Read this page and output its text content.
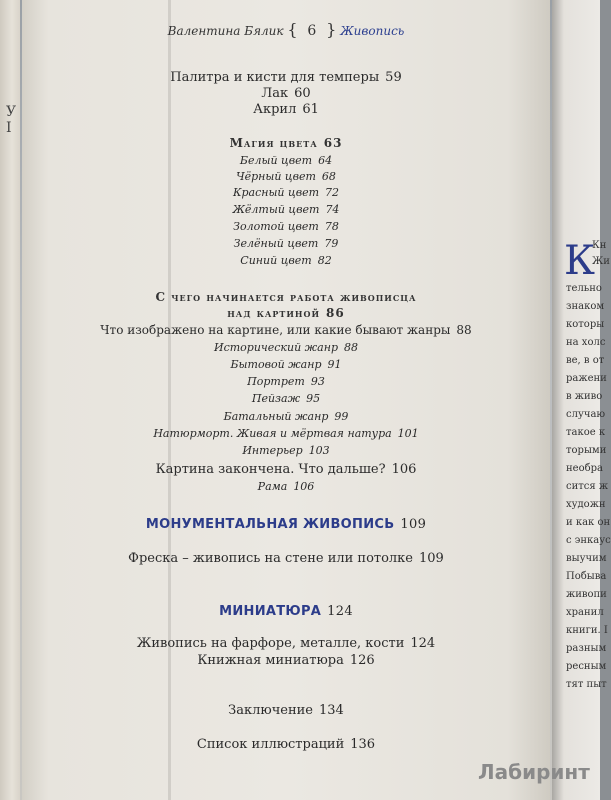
У
I
Валентина Бялик { 6 } Живопись
Палитра и кисти для темперы 59
Лак 60
Акрил 61
Магия цвета 63
Белый цвет 64
Чёрный цвет 68
Красный цвет 72
Жёлтый цвет 74
Золотой цвет 78
Зелёный цвет 79
Синий цвет 82
С чего начинается работа живописца
над картиной 86
Что изображено на картине, или какие бывают жанры 88
Исторический жанр 88
Бытовой жанр 91
Портрет 93
Пейзаж 95
Батальный жанр 99
Натюрморт. Живая и мёртвая натура 101
Интерьер 103
Картина закончена. Что дальше? 106
Рама 106
МОНУМЕНТАЛЬНАЯ ЖИВОПИСЬ 109
Фреска – живопись на стене или потолке 109
МИНИАТЮРА 124
Живопись на фарфоре, металле, кости 124
Книжная миниатюра 126
Заключение 134
Список иллюстраций 136
К
Кн
Жи
тельно
знаком
которы
на холс
ве, в от
ражени
в живо
случаю
такое к
торыми
необра
сится ж
художн
и как он
с энкаус
выучим
Побыва
живопи
хранил
книги. I
разным
ресным
тят пыт
Лабиринт
